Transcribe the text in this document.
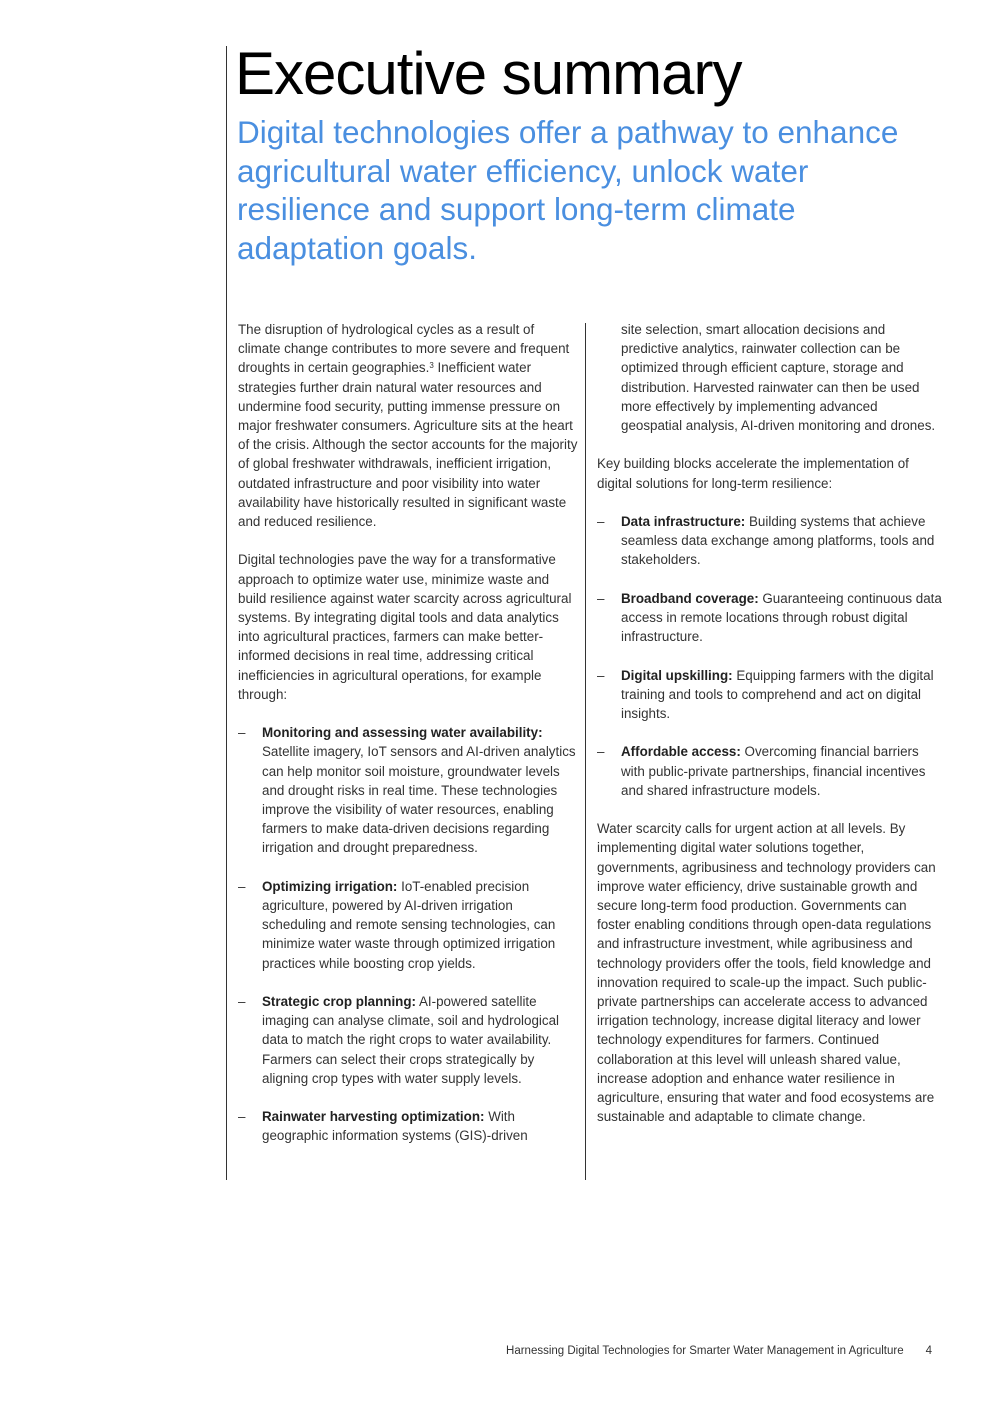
Executive summary

Digital technologies offer a pathway to enhance agricultural water efficiency, unlock water resilience and support long-term climate adaptation goals.

The disruption of hydrological cycles as a result of climate change contributes to more severe and frequent droughts in certain geographies.$^3$ Inefficient water strategies further drain natural water resources and undermine food security, putting immense pressure on major freshwater consumers. Agriculture sits at the heart of the crisis. Although the sector accounts for the majority of global freshwater withdrawals, inefficient irrigation, outdated infrastructure and poor visibility into water availability have historically resulted in significant waste and reduced resilience.

Digital technologies pave the way for a transformative approach to optimize water use, minimize waste and build resilience against water scarcity across agricultural systems. By integrating digital tools and data analytics into agricultural practices, farmers can make better-informed decisions in real time, addressing critical inefficiencies in agricultural operations, for example through:

– Monitoring and assessing water availability: Satellite imagery, IoT sensors and AI-driven analytics can help monitor soil moisture, groundwater levels and drought risks in real time. These technologies improve the visibility of water resources, enabling farmers to make data-driven decisions regarding irrigation and drought preparedness.
– Optimizing irrigation: IoT-enabled precision agriculture, powered by AI-driven irrigation scheduling and remote sensing technologies, can minimize water waste through optimized irrigation practices while boosting crop yields.
– Strategic crop planning: AI-powered satellite imaging can analyse climate, soil and hydrological data to match the right crops to water availability. Farmers can select their crops strategically by aligning crop types with water supply levels.
– Rainwater harvesting optimization: With geographic information systems (GIS)-driven
site selection, smart allocation decisions and predictive analytics, rainwater collection can be optimized through efficient capture, storage and distribution. Harvested rainwater can then be used more effectively by implementing advanced geospatial analysis, AI-driven monitoring and drones.

Key building blocks accelerate the implementation of digital solutions for long-term resilience:

– Data infrastructure: Building systems that achieve seamless data exchange among platforms, tools and stakeholders.
– Broadband coverage: Guaranteeing continuous data access in remote locations through robust digital infrastructure.
– Digital upskilling: Equipping farmers with the digital training and tools to comprehend and act on digital insights.
– Affordable access: Overcoming financial barriers with public-private partnerships, financial incentives and shared infrastructure models.

Water scarcity calls for urgent action at all levels. By implementing digital water solutions together, governments, agribusiness and technology providers can improve water efficiency, drive sustainable growth and secure long-term food production. Governments can foster enabling conditions through open-data regulations and infrastructure investment, while agribusiness and technology providers offer the tools, field knowledge and innovation required to scale-up the impact. Such public-private partnerships can accelerate access to advanced irrigation technology, increase digital literacy and lower technology expenditures for farmers. Continued collaboration at this level will unleash shared value, increase adoption and enhance water resilience in agriculture, ensuring that water and food ecosystems are sustainable and adaptable to climate change.

Harnessing Digital Technologies for Smarter Water Management in Agriculture 4
